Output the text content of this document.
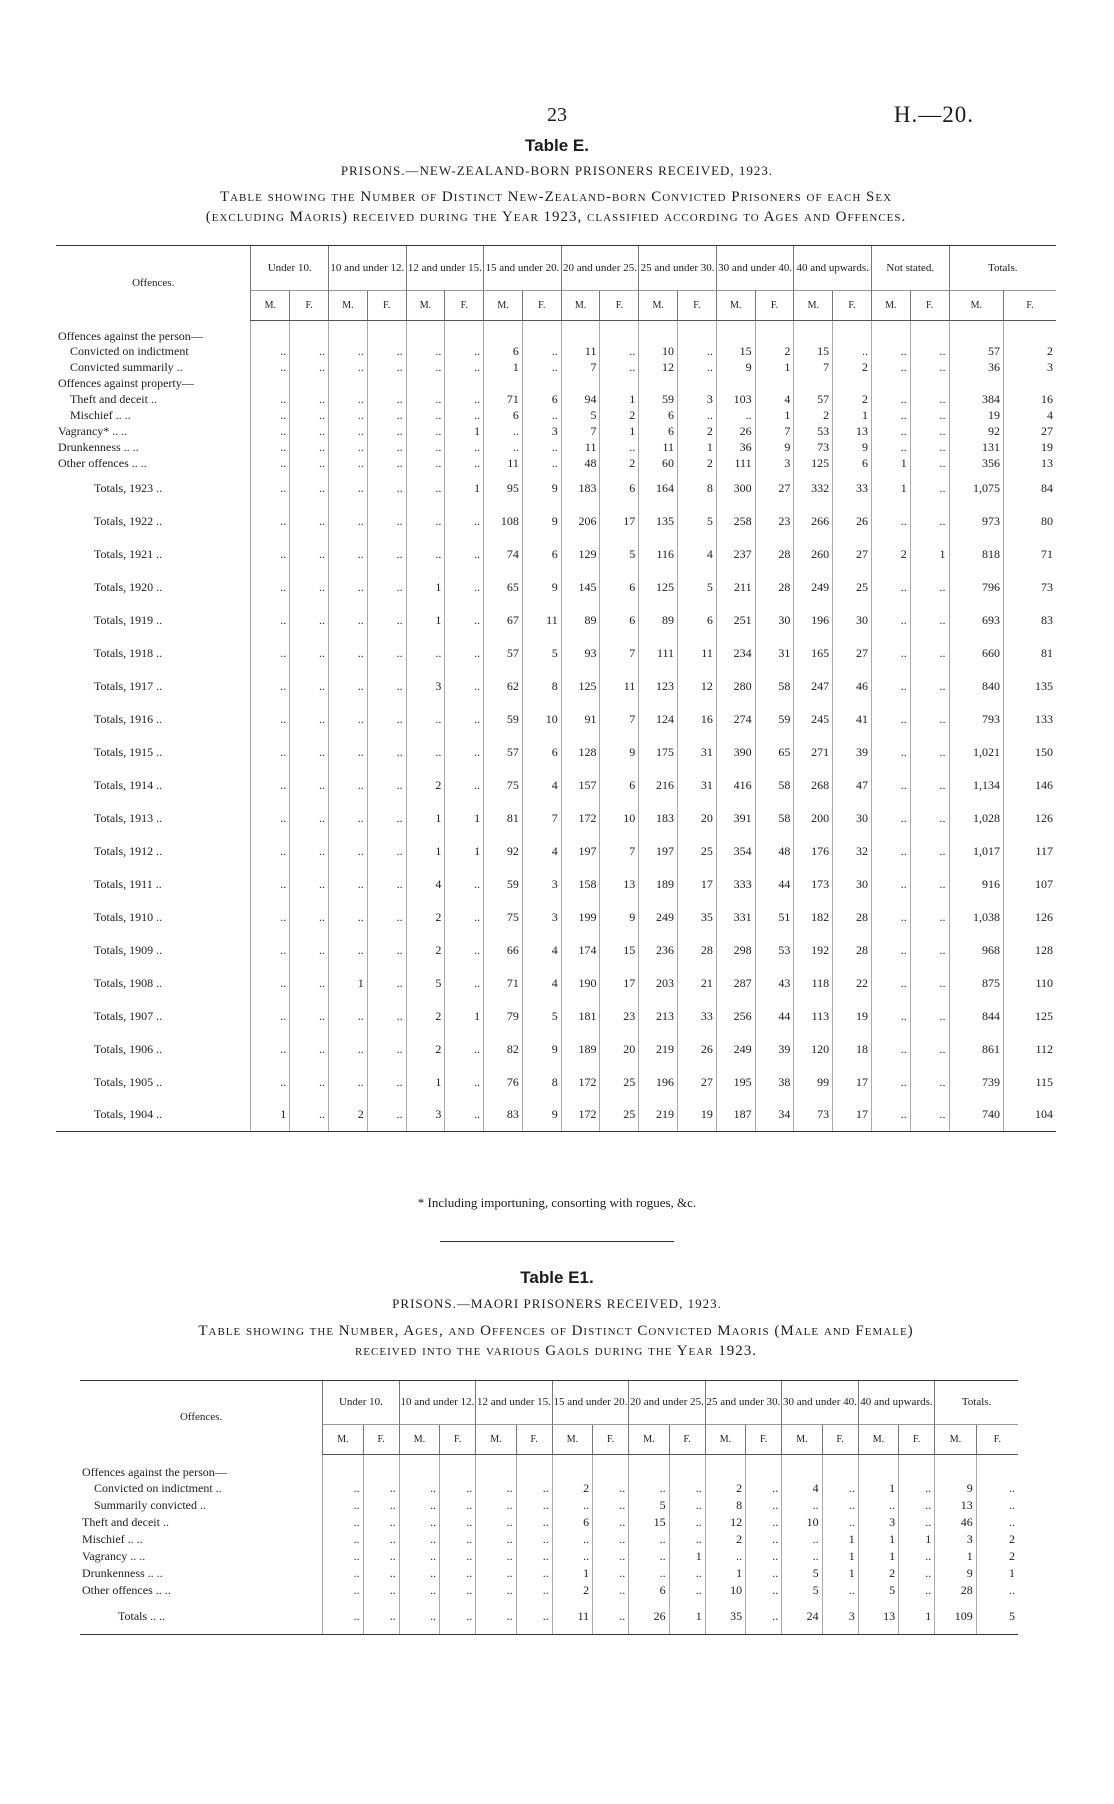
23	H.—20.
Table E.
PRISONS.—NEW-ZEALAND-BORN PRISONERS RECEIVED, 1923.
Table showing the Number of Distinct New-Zealand-born Convicted Prisoners of each Sex
(excluding Maoris) received during the Year 1923, classified according to Ages and Offences.
Offences.	Under 10.		10 and under 12.		12 and under 15.		15 and under 20.		20 and under 25.		25 and under 30.		30 and under 40.		40 and upwards.		Not stated.		Totals.	
	M.	F.	M.	F.	M.	F.	M.	F.	M.	F.	M.	F.	M.	F.	M.	F.	M.	F.	M.	F.
Offences against the person—																				
Convicted on indictment	..	..	..	..	..	..	6	..	11	..	10	..	15	2	15	..	..	..	57	2
Convicted summarily ..	..	..	..	..	..	..	1	..	7	..	12	..	9	1	7	2	..	..	36	3
Offences against property—																				
Theft and deceit ..	..	..	..	..	..	..	71	6	94	1	59	3	103	4	57	2	..	..	384	16
Mischief .. ..	..	..	..	..	..	..	6	..	5	2	6	..	..	1	2	1	..	..	19	4
Vagrancy* .. ..	..	..	..	..	..	1	..	3	7	1	6	2	26	7	53	13	..	..	92	27
Drunkenness .. ..	..	..	..	..	..	..	..	..	11	..	11	1	36	9	73	9	..	..	131	19
Other offences .. ..	..	..	..	..	..	..	11	..	48	2	60	2	111	3	125	6	1	..	356	13
Totals, 1923 ..	..	..	..	..	..	1	95	9	183	6	164	8	300	27	332	33	1	..	1,075	84
Totals, 1922 ..	..	..	..	..	..	..	108	9	206	17	135	5	258	23	266	26	..	..	973	80
Totals, 1921 ..	..	..	..	..	..	..	74	6	129	5	116	4	237	28	260	27	2	1	818	71
Totals, 1920 ..	..	..	..	..	1	..	65	9	145	6	125	5	211	28	249	25	..	..	796	73
Totals, 1919 ..	..	..	..	..	1	..	67	11	89	6	89	6	251	30	196	30	..	..	693	83
Totals, 1918 ..	..	..	..	..	..	..	57	5	93	7	111	11	234	31	165	27	..	..	660	81
Totals, 1917 ..	..	..	..	..	3	..	62	8	125	11	123	12	280	58	247	46	..	..	840	135
Totals, 1916 ..	..	..	..	..	..	..	59	10	91	7	124	16	274	59	245	41	..	..	793	133
Totals, 1915 ..	..	..	..	..	..	..	57	6	128	9	175	31	390	65	271	39	..	..	1,021	150
Totals, 1914 ..	..	..	..	..	2	..	75	4	157	6	216	31	416	58	268	47	..	..	1,134	146
Totals, 1913 ..	..	..	..	..	1	1	81	7	172	10	183	20	391	58	200	30	..	..	1,028	126
Totals, 1912 ..	..	..	..	..	1	1	92	4	197	7	197	25	354	48	176	32	..	..	1,017	117
Totals, 1911 ..	..	..	..	..	4	..	59	3	158	13	189	17	333	44	173	30	..	..	916	107
Totals, 1910 ..	..	..	..	..	2	..	75	3	199	9	249	35	331	51	182	28	..	..	1,038	126
Totals, 1909 ..	..	..	..	..	2	..	66	4	174	15	236	28	298	53	192	28	..	..	968	128
Totals, 1908 ..	..	..	1	..	5	..	71	4	190	17	203	21	287	43	118	22	..	..	875	110
Totals, 1907 ..	..	..	..	..	2	1	79	5	181	23	213	33	256	44	113	19	..	..	844	125
Totals, 1906 ..	..	..	..	..	2	..	82	9	189	20	219	26	249	39	120	18	..	..	861	112
Totals, 1905 ..	..	..	..	..	1	..	76	8	172	25	196	27	195	38	99	17	..	..	739	115
Totals, 1904 ..	1	..	2	..	3	..	83	9	172	25	219	19	187	34	73	17	..	..	740	104
* Including importuning, consorting with rogues, &c.
Table E1.
PRISONS.—MAORI PRISONERS RECEIVED, 1923.
Table showing the Number, Ages, and Offences of Distinct Convicted Maoris (Male and Female)
received into the various Gaols during the Year 1923.
Offences.	Under 10.		10 and under 12.		12 and under 15.		15 and under 20.		20 and under 25.		25 and under 30.		30 and under 40.		40 and upwards.		Totals.	
	M.	F.	M.	F.	M.	F.	M.	F.	M.	F.	M.	F.	M.	F.	M.	F.	M.	F.
Offences against the person—																		
Convicted on indictment ..	..	..	..	..	..	..	2	..	..	..	2	..	4	..	1	..	9	..
Summarily convicted ..	..	..	..	..	..	..	..	..	5	..	8	..	..	..	..	..	13	..
Theft and deceit ..	..	..	..	..	..	..	6	..	15	..	12	..	10	..	3	..	46	..
Mischief .. ..	..	..	..	..	..	..	..	..	..	..	2	..	..	1	1	1	3	2
Vagrancy .. ..	..	..	..	..	..	..	..	..	..	1	..	..	..	1	1	..	1	2
Drunkenness .. ..	..	..	..	..	..	..	1	..	..	..	1	..	5	1	2	..	9	1
Other offences .. ..	..	..	..	..	..	..	2	..	6	..	10	..	5	..	5	..	28	..
Totals .. ..	..	..	..	..	..	..	11	..	26	1	35	..	24	3	13	1	109	5
